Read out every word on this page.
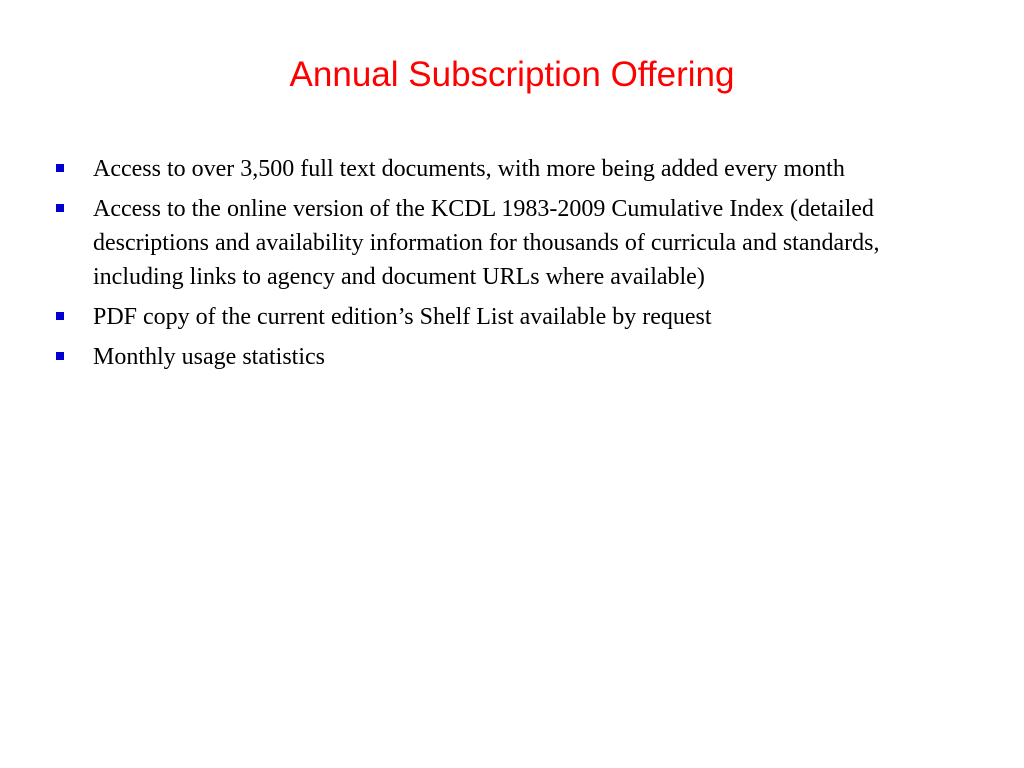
Annual Subscription Offering
Access to over 3,500 full text documents, with more being added every month
Access to the online version of the KCDL 1983-2009 Cumulative Index (detailed descriptions and availability information for thousands of curricula and standards, including links to agency and document URLs where available)
PDF copy of the current edition’s Shelf List available by request
Monthly usage statistics
